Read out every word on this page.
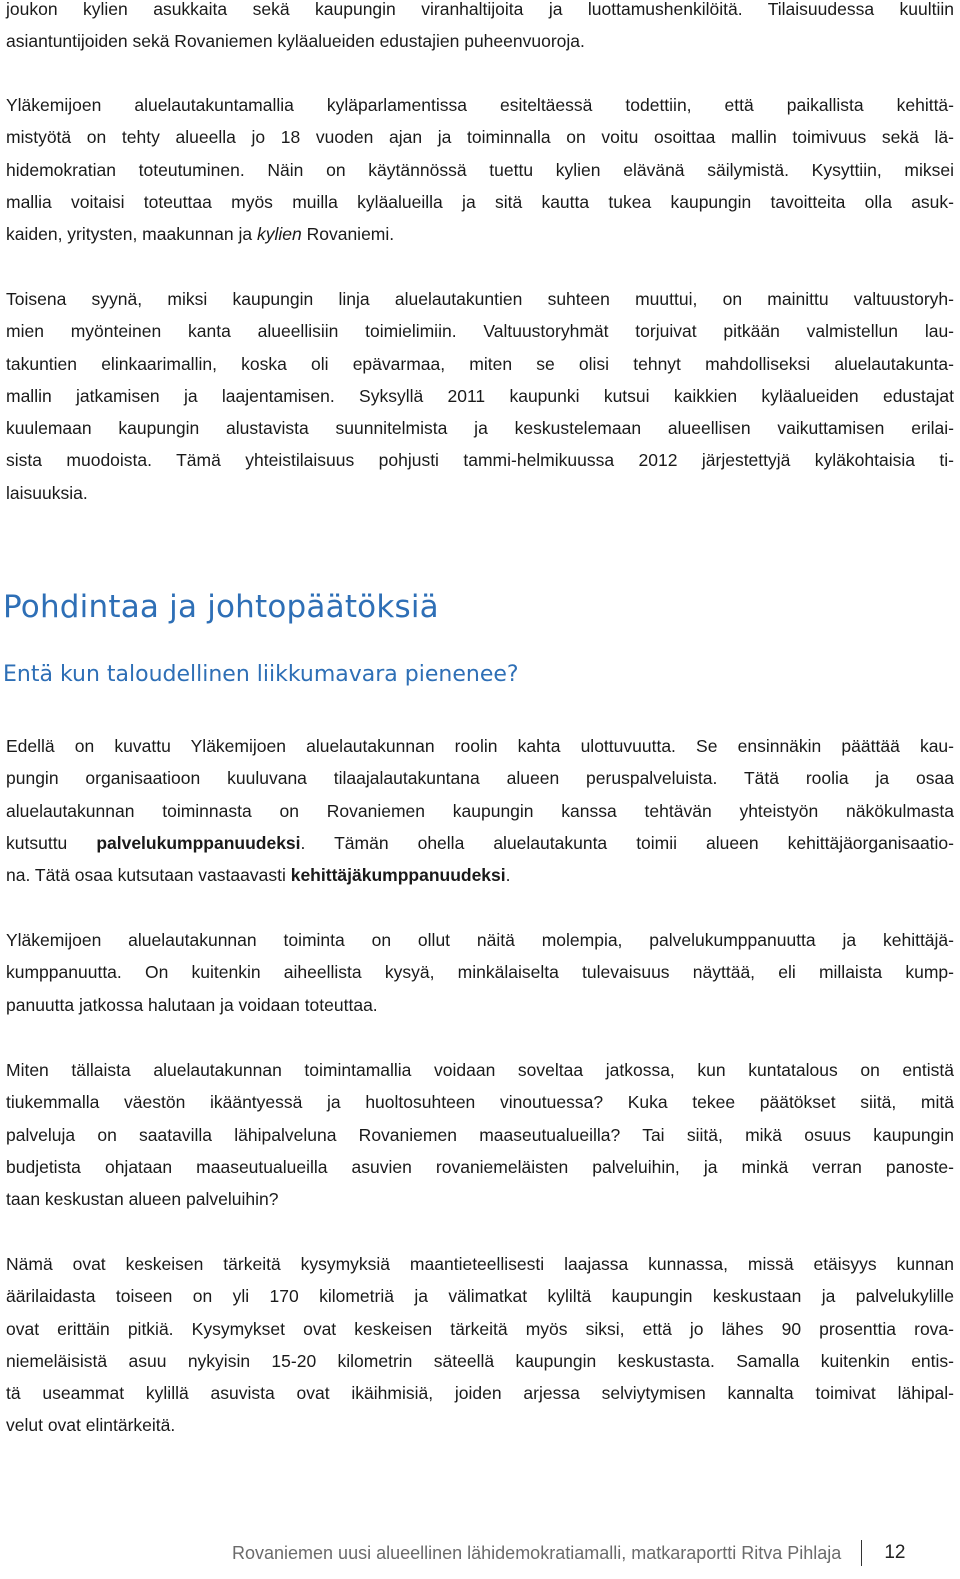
joukon kylien asukkaita sekä kaupungin viranhaltijoita ja luottamushenkilöitä. Tilaisuudessa kuultiin
asiantuntijoiden sekä Rovaniemen kyläalueiden edustajien puheenvuoroja.
Yläkemijoen aluelautakuntamallia kyläparlamentissa esiteltäessä todettiin, että paikallista kehittä-
mistyötä on tehty alueella jo 18 vuoden ajan ja toiminnalla on voitu osoittaa mallin toimivuus sekä lä-
hidemokratian toteutuminen. Näin on käytännössä tuettu kylien elävänä säilymistä. Kysyttiin, miksei
mallia voitaisi toteuttaa myös muilla kyläalueilla ja sitä kautta tukea kaupungin tavoitteita olla asuk-
kaiden, yritysten, maakunnan ja kylien Rovaniemi.
Toisena syynä, miksi kaupungin linja aluelautakuntien suhteen muuttui, on mainittu valtuustoryh-
mien myönteinen kanta alueellisiin toimielimiin. Valtuustoryhmät torjuivat pitkään valmistellun lau-
takuntien elinkaarimallin, koska oli epävarmaa, miten se olisi tehnyt mahdolliseksi aluelautakunta-
mallin jatkamisen ja laajentamisen. Syksyllä 2011 kaupunki kutsui kaikkien kyläalueiden edustajat
kuulemaan kaupungin alustavista suunnitelmista ja keskustelemaan alueellisen vaikuttamisen erilai-
sista muodoista. Tämä yhteistilaisuus pohjusti tammi-helmikuussa 2012 järjestettyjä kyläkohtaisia ti-
laisuuksia.
Pohdintaa ja johtopäätöksiä
Entä kun taloudellinen liikkumavara pienenee?
Edellä on kuvattu Yläkemijoen aluelautakunnan roolin kahta ulottuvuutta. Se ensinnäkin päättää kau-
pungin organisaatioon kuuluvana tilaajalautakuntana alueen peruspalveluista. Tätä roolia ja osaa
aluelautakunnan toiminnasta on Rovaniemen kaupungin kanssa tehtävän yhteistyön näkökulmasta
kutsuttu palvelukumppanuudeksi. Tämän ohella aluelautakunta toimii alueen kehittäjäorganisaatio-
na. Tätä osaa kutsutaan vastaavasti kehittäjäkumppanuudeksi.
Yläkemijoen aluelautakunnan toiminta on ollut näitä molempia, palvelukumppanuutta ja kehittäjä-
kumppanuutta. On kuitenkin aiheellista kysyä, minkälaiselta tulevaisuus näyttää, eli millaista kump-
panuutta jatkossa halutaan ja voidaan toteuttaa.
Miten tällaista aluelautakunnan toimintamallia voidaan soveltaa jatkossa, kun kuntatalous on entistä
tiukemmalla väestön ikääntyessä ja huoltosuhteen vinoutuessa? Kuka tekee päätökset siitä, mitä
palveluja on saatavilla lähipalveluna Rovaniemen maaseutualueilla? Tai siitä, mikä osuus kaupungin
budjetista ohjataan maaseutualueilla asuvien rovaniemeläisten palveluihin, ja minkä verran panoste-
taan keskustan alueen palveluihin?
Nämä ovat keskeisen tärkeitä kysymyksiä maantieteellisesti laajassa kunnassa, missä etäisyys kunnan
äärilaidasta toiseen on yli 170 kilometriä ja välimatkat kyliltä kaupungin keskustaan ja palvelukylille
ovat erittäin pitkiä. Kysymykset ovat keskeisen tärkeitä myös siksi, että jo lähes 90 prosenttia rova-
niemeläisistä asuu nykyisin 15-20 kilometrin säteellä kaupungin keskustasta. Samalla kuitenkin entis-
tä useammat kylillä asuvista ovat ikäihmisiä, joiden arjessa selviytymisen kannalta toimivat lähipal-
velut ovat elintärkeitä.
Rovaniemen uusi alueellinen lähidemokratiamalli, matkaraportti Ritva Pihlaja 12
